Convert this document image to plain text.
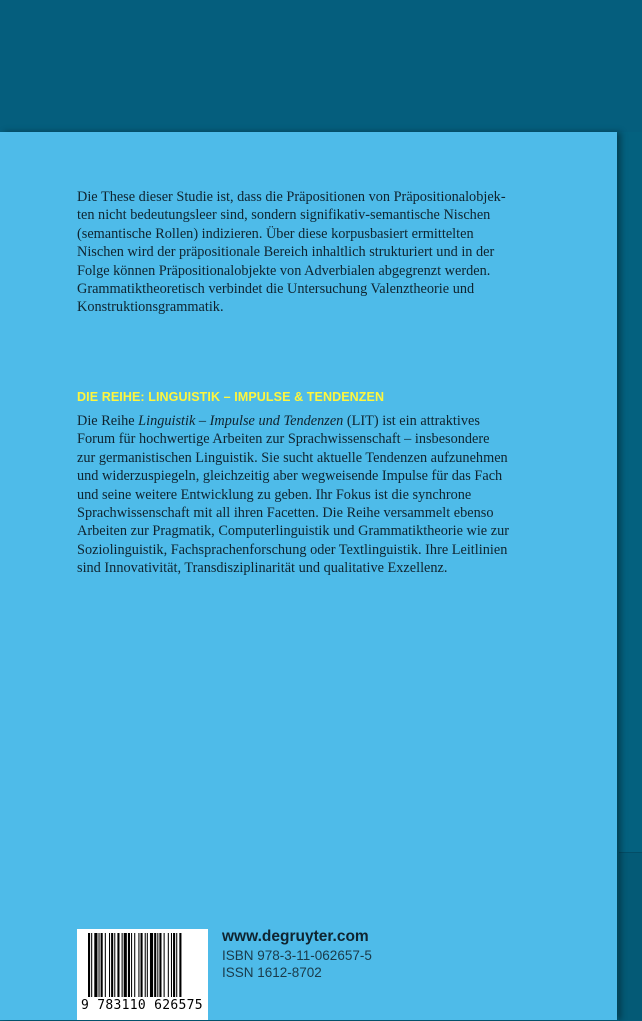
Die These dieser Studie ist, dass die Präpositionen von Präpositionalobjek-
ten nicht bedeutungsleer sind, sondern signifikativ-semantische Nischen
(semantische Rollen) indizieren. Über diese korpusbasiert ermittelten
Nischen wird der präpositionale Bereich inhaltlich strukturiert und in der
Folge können Präpositionalobjekte von Adverbialen abgegrenzt werden.
Grammatiktheoretisch verbindet die Untersuchung Valenztheorie und
Konstruktionsgrammatik.

DIE REIHE: LINGUISTIK – IMPULSE & TENDENZEN

Die Reihe Linguistik – Impulse und Tendenzen (LIT) ist ein attraktives
Forum für hochwertige Arbeiten zur Sprachwissenschaft – insbesondere
zur germanistischen Linguistik. Sie sucht aktuelle Tendenzen aufzunehmen
und widerzuspiegeln, gleichzeitig aber wegweisende Impulse für das Fach
und seine weitere Entwicklung zu geben. Ihr Fokus ist die synchrone
Sprachwissenschaft mit all ihren Facetten. Die Reihe versammelt ebenso
Arbeiten zur Pragmatik, Computerlinguistik und Grammatiktheorie wie zur
Soziolinguistik, Fachsprachenforschung oder Textlinguistik. Ihre Leitlinien
sind Innovativität, Transdisziplinarität und qualitative Exzellenz.

9 783110 626575
www.degruyter.com
ISBN 978-3-11-062657-5
ISSN 1612-8702
